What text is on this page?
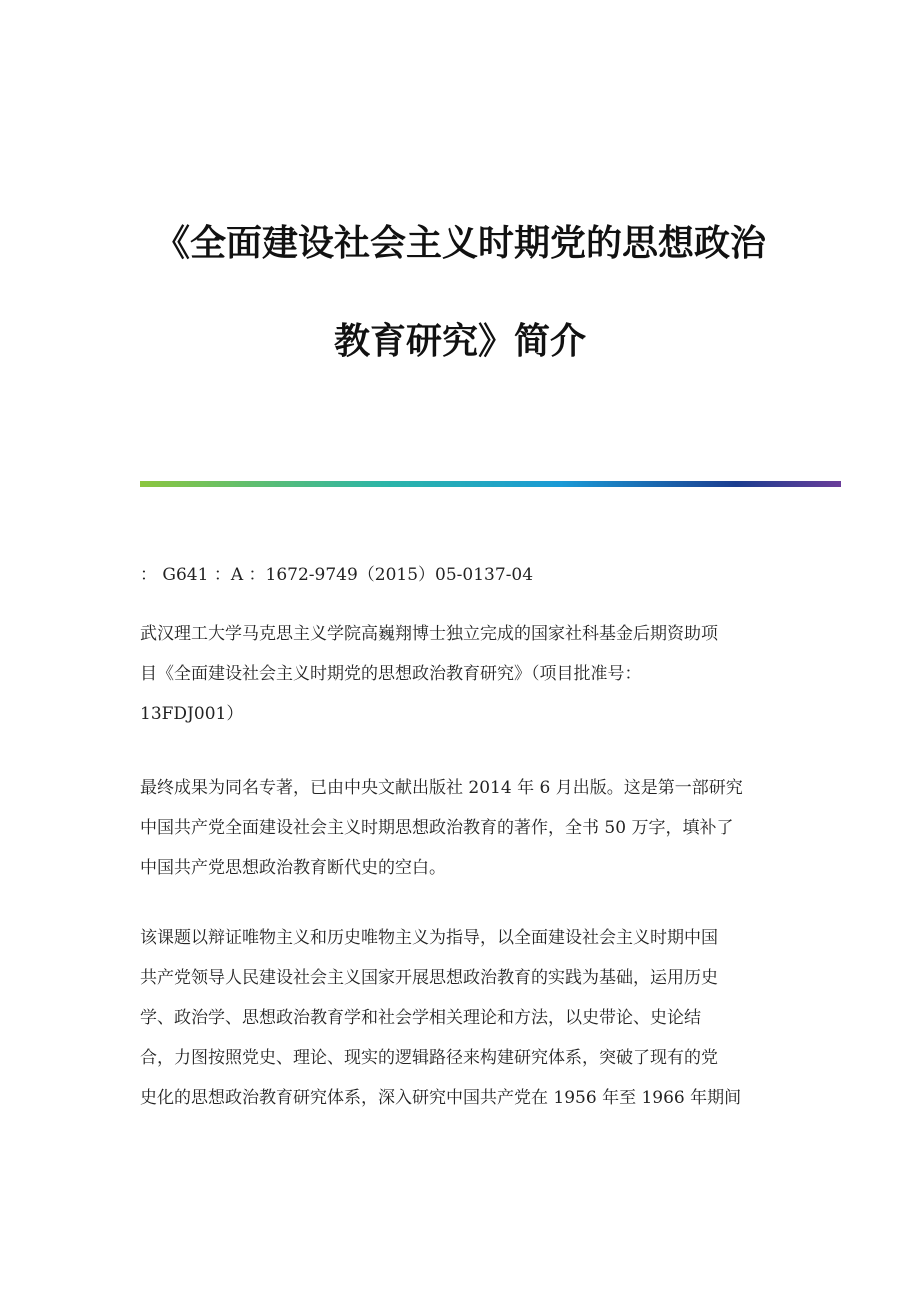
《全面建设社会主义时期党的思想政治
教育研究》简介
： G641 ：A ：1672-9749（2015）05-0137-04
武汉理工大学马克思主义学院高巍翔博士独立完成的国家社科基金后期资助项
目《全面建设社会主义时期党的思想政治教育研究》（项目批准号：
13FDJ001）
最终成果为同名专著，已由中央文献出版社 2014 年 6 月出版。这是第一部研究
中国共产党全面建设社会主义时期思想政治教育的著作，全书 50 万字，填补了
中国共产党思想政治教育断代史的空白。
该课题以辩证唯物主义和历史唯物主义为指导，以全面建设社会主义时期中国
共产党领导人民建设社会主义国家开展思想政治教育的实践为基础，运用历史
学、政治学、思想政治教育学和社会学相关理论和方法，以史带论、史论结
合，力图按照党史、理论、现实的逻辑路径来构建研究体系，突破了现有的党
史化的思想政治教育研究体系，深入研究中国共产党在 1956 年至 1966 年期间
